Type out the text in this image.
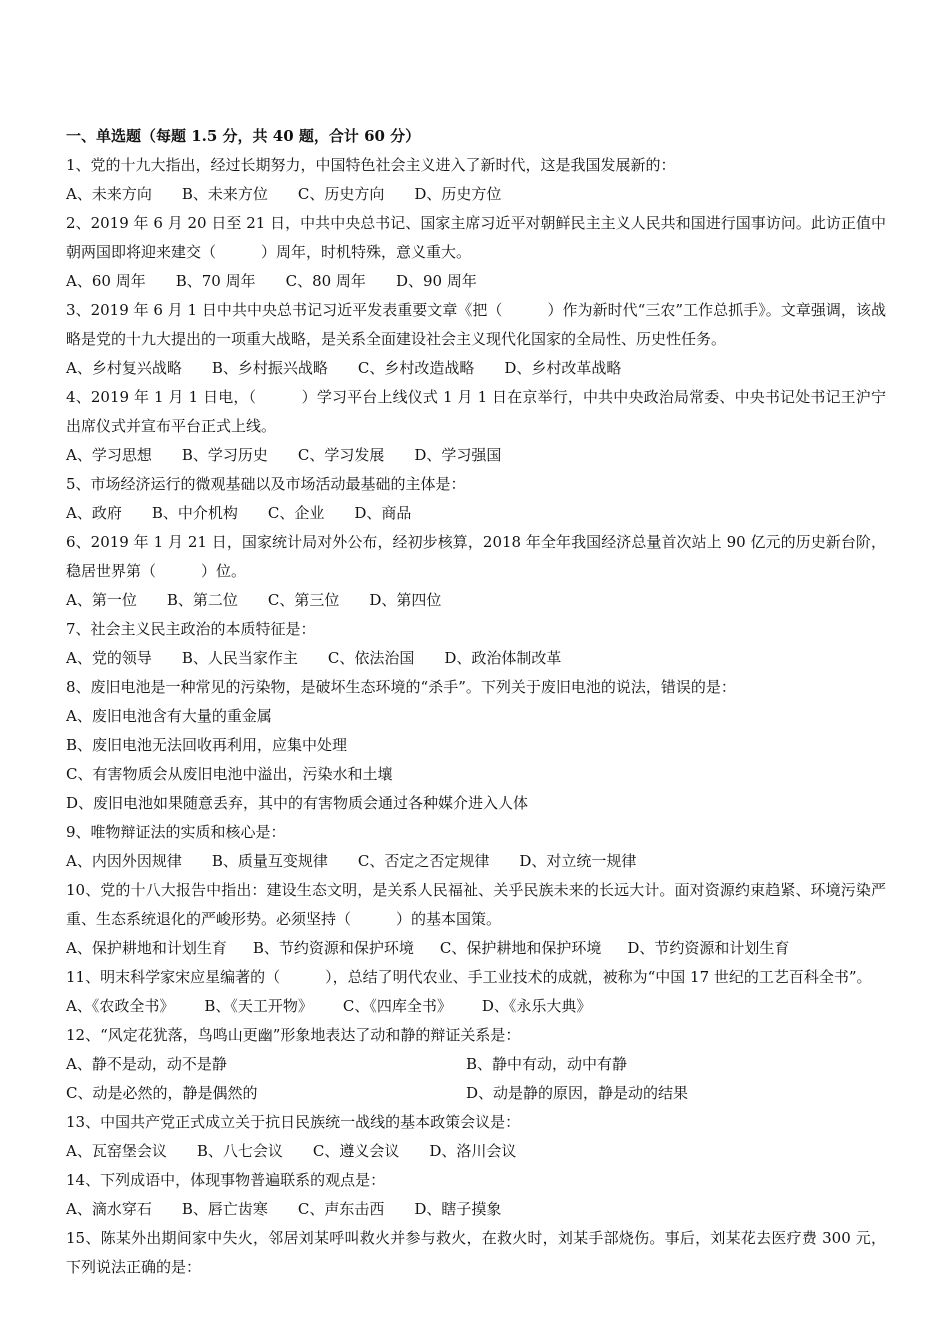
一、单选题（每题 1.5 分，共 40 题，合计 60 分）
1、党的十九大指出，经过长期努力，中国特色社会主义进入了新时代，这是我国发展新的：
A、未来方向 B、未来方位 C、历史方向 D、历史方位
2、2019 年 6 月 20 日至 21 日，中共中央总书记、国家主席习近平对朝鲜民主主义人民共和国进行国事访问。此访正值中朝两国即将迎来建交（　　　）周年，时机特殊，意义重大。
A、60 周年 B、70 周年 C、80 周年 D、90 周年
3、2019 年 6 月 1 日中共中央总书记习近平发表重要文章《把（　　　）作为新时代“三农”工作总抓手》。文章强调，该战略是党的十九大提出的一项重大战略，是关系全面建设社会主义现代化国家的全局性、历史性任务。
A、乡村复兴战略 B、乡村振兴战略 C、乡村改造战略 D、乡村改革战略
4、2019 年 1 月 1 日电，（　　　）学习平台上线仪式 1 月 1 日在京举行，中共中央政治局常委、中央书记处书记王沪宁出席仪式并宣布平台正式上线。
A、学习思想 B、学习历史 C、学习发展 D、学习强国
5、市场经济运行的微观基础以及市场活动最基础的主体是：
A、政府 B、中介机构 C、企业 D、商品
6、2019 年 1 月 21 日，国家统计局对外公布，经初步核算，2018 年全年我国经济总量首次站上 90 亿元的历史新台阶，稳居世界第（　　　）位。
A、第一位 B、第二位 C、第三位 D、第四位
7、社会主义民主政治的本质特征是：
A、党的领导 B、人民当家作主 C、依法治国 D、政治体制改革
8、废旧电池是一种常见的污染物，是破坏生态环境的“杀手”。下列关于废旧电池的说法，错误的是：
A、废旧电池含有大量的重金属
B、废旧电池无法回收再利用，应集中处理
C、有害物质会从废旧电池中溢出，污染水和土壤
D、废旧电池如果随意丢弃，其中的有害物质会通过各种媒介进入人体
9、唯物辩证法的实质和核心是：
A、内因外因规律 B、质量互变规律 C、否定之否定规律 D、对立统一规律
10、党的十八大报告中指出：建设生态文明，是关系人民福祉、关乎民族未来的长远大计。面对资源约束趋紧、环境污染严重、生态系统退化的严峻形势。必须坚持（　　　）的基本国策。
A、保护耕地和计划生育 B、节约资源和保护环境 C、保护耕地和保护环境 D、节约资源和计划生育
11、明末科学家宋应星编著的（　　　），总结了明代农业、手工业技术的成就，被称为“中国 17 世纪的工艺百科全书”。
A、《农政全书》 B、《天工开物》 C、《四库全书》 D、《永乐大典》
12、“风定花犹落，鸟鸣山更幽”形象地表达了动和静的辩证关系是：
A、静不是动，动不是静	B、静中有动，动中有静
C、动是必然的，静是偶然的	D、动是静的原因，静是动的结果
13、中国共产党正式成立关于抗日民族统一战线的基本政策会议是：
A、瓦窑堡会议 B、八七会议 C、遵义会议 D、洛川会议
14、下列成语中，体现事物普遍联系的观点是：
A、滴水穿石 B、唇亡齿寒 C、声东击西 D、瞎子摸象
15、陈某外出期间家中失火，邻居刘某呼叫救火并参与救火，在救火时，刘某手部烧伤。事后，刘某花去医疗费 300 元，下列说法正确的是：
